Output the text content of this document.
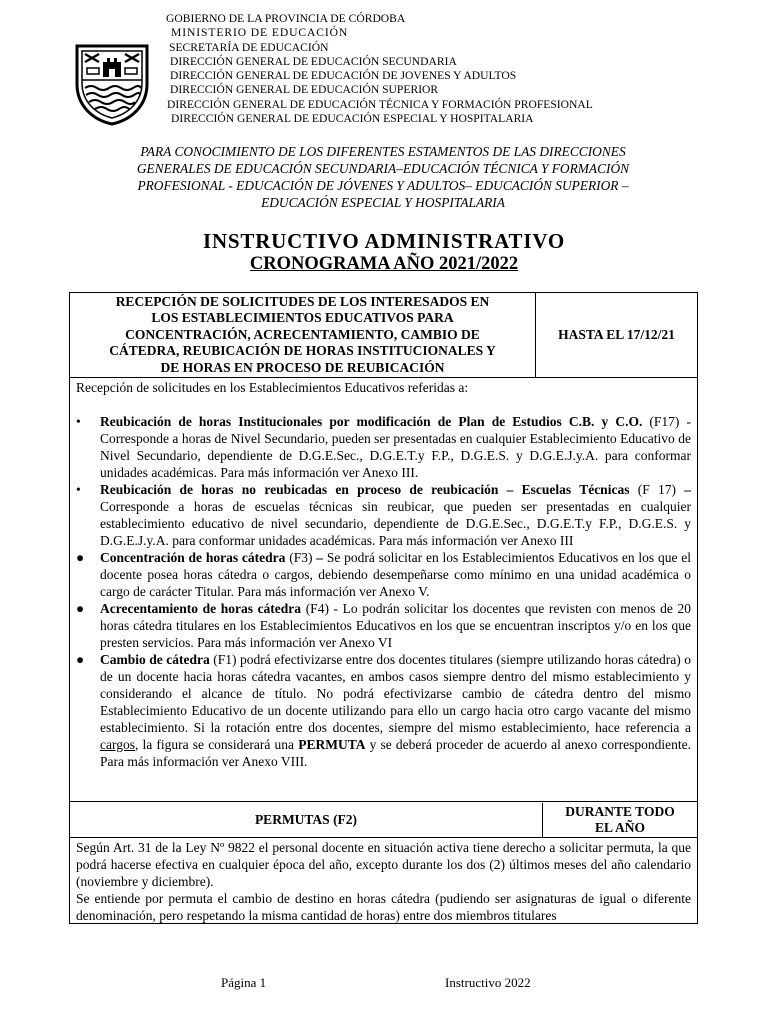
GOBIERNO DE LA PROVINCIA DE CÓRDOBA
MINISTERIO DE EDUCACIÓN
SECRETARÍA DE EDUCACIÓN
DIRECCIÓN GENERAL DE EDUCACIÓN SECUNDARIA
DIRECCIÓN GENERAL DE EDUCACIÓN DE JOVENES Y ADULTOS
DIRECCIÓN GENERAL DE EDUCACIÓN SUPERIOR
DIRECCIÓN GENERAL DE EDUCACIÓN TÉCNICA Y FORMACIÓN PROFESIONAL
DIRECCIÓN GENERAL DE EDUCACIÓN ESPECIAL Y HOSPITALARIA
PARA CONOCIMIENTO DE LOS DIFERENTES ESTAMENTOS DE LAS DIRECCIONES
GENERALES DE EDUCACIÓN SECUNDARIA–EDUCACIÓN TÉCNICA Y FORMACIÓN
PROFESIONAL - EDUCACIÓN DE JÓVENES Y ADULTOS– EDUCACIÓN SUPERIOR –
EDUCACIÓN ESPECIAL Y HOSPITALARIA
INSTRUCTIVO ADMINISTRATIVO
CRONOGRAMA AÑO 2021/2022
RECEPCIÓN DE SOLICITUDES DE LOS INTERESADOS EN
LOS ESTABLECIMIENTOS EDUCATIVOS PARA
CONCENTRACIÓN, ACRECENTAMIENTO, CAMBIO DE
CÁTEDRA, REUBICACIÓN DE HORAS INSTITUCIONALES Y
DE HORAS EN PROCESO DE REUBICACIÓN
HASTA EL 17/12/21
Recepción de solicitudes en los Establecimientos Educativos referidas a:
• Reubicación de horas Institucionales por modificación de Plan de Estudios C.B. y C.O. (F17) - Corresponde a horas de Nivel Secundario, pueden ser presentadas en cualquier Establecimiento Educativo de Nivel Secundario, dependiente de D.G.E.Sec., D.G.E.T.y F.P., D.G.E.S. y D.G.E.J.y.A. para conformar unidades académicas. Para más información ver Anexo III.

• Reubicación de horas no reubicadas en proceso de reubicación – Escuelas Técnicas (F 17) – Corresponde a horas de escuelas técnicas sin reubicar, que pueden ser presentadas en cualquier establecimiento educativo de nivel secundario, dependiente de D.G.E.Sec., D.G.E.T.y F.P., D.G.E.S. y D.G.E.J.y.A. para conformar unidades académicas. Para más información ver Anexo III

● Concentración de horas cátedra (F3) – Se podrá solicitar en los Establecimientos Educativos en los que el docente posea horas cátedra o cargos, debiendo desempeñarse como mínimo en una unidad académica o cargo de carácter Titular. Para más información ver Anexo V.

● Acrecentamiento de horas cátedra (F4) - Lo podrán solicitar los docentes que revisten con menos de 20 horas cátedra titulares en los Establecimientos Educativos en los que se encuentran inscriptos y/o en los que presten servicios. Para más información ver Anexo VI

● Cambio de cátedra (F1) podrá efectivizarse entre dos docentes titulares (siempre utilizando horas cátedra) o de un docente hacia horas cátedra vacantes, en ambos casos siempre dentro del mismo establecimiento y considerando el alcance de título. No podrá efectivizarse cambio de cátedra dentro del mismo Establecimiento Educativo de un docente utilizando para ello un cargo hacia otro cargo vacante del mismo establecimiento. Si la rotación entre dos docentes, siempre del mismo establecimiento, hace referencia a cargos, la figura se considerará una PERMUTA y se deberá proceder de acuerdo al anexo correspondiente. Para más información ver Anexo VIII.

PERMUTAS (F2)
DURANTE TODO
EL AÑO

Según Art. 31 de la Ley Nº 9822 el personal docente en situación activa tiene derecho a solicitar permuta, la que podrá hacerse efectiva en cualquier época del año, excepto durante los dos (2) últimos meses del año calendario (noviembre y diciembre).

Se entiende por permuta el cambio de destino en horas cátedra (pudiendo ser asignaturas de igual o diferente denominación, pero respetando la misma cantidad de horas) entre dos miembros titulares

Página 1	Instructivo 2022
